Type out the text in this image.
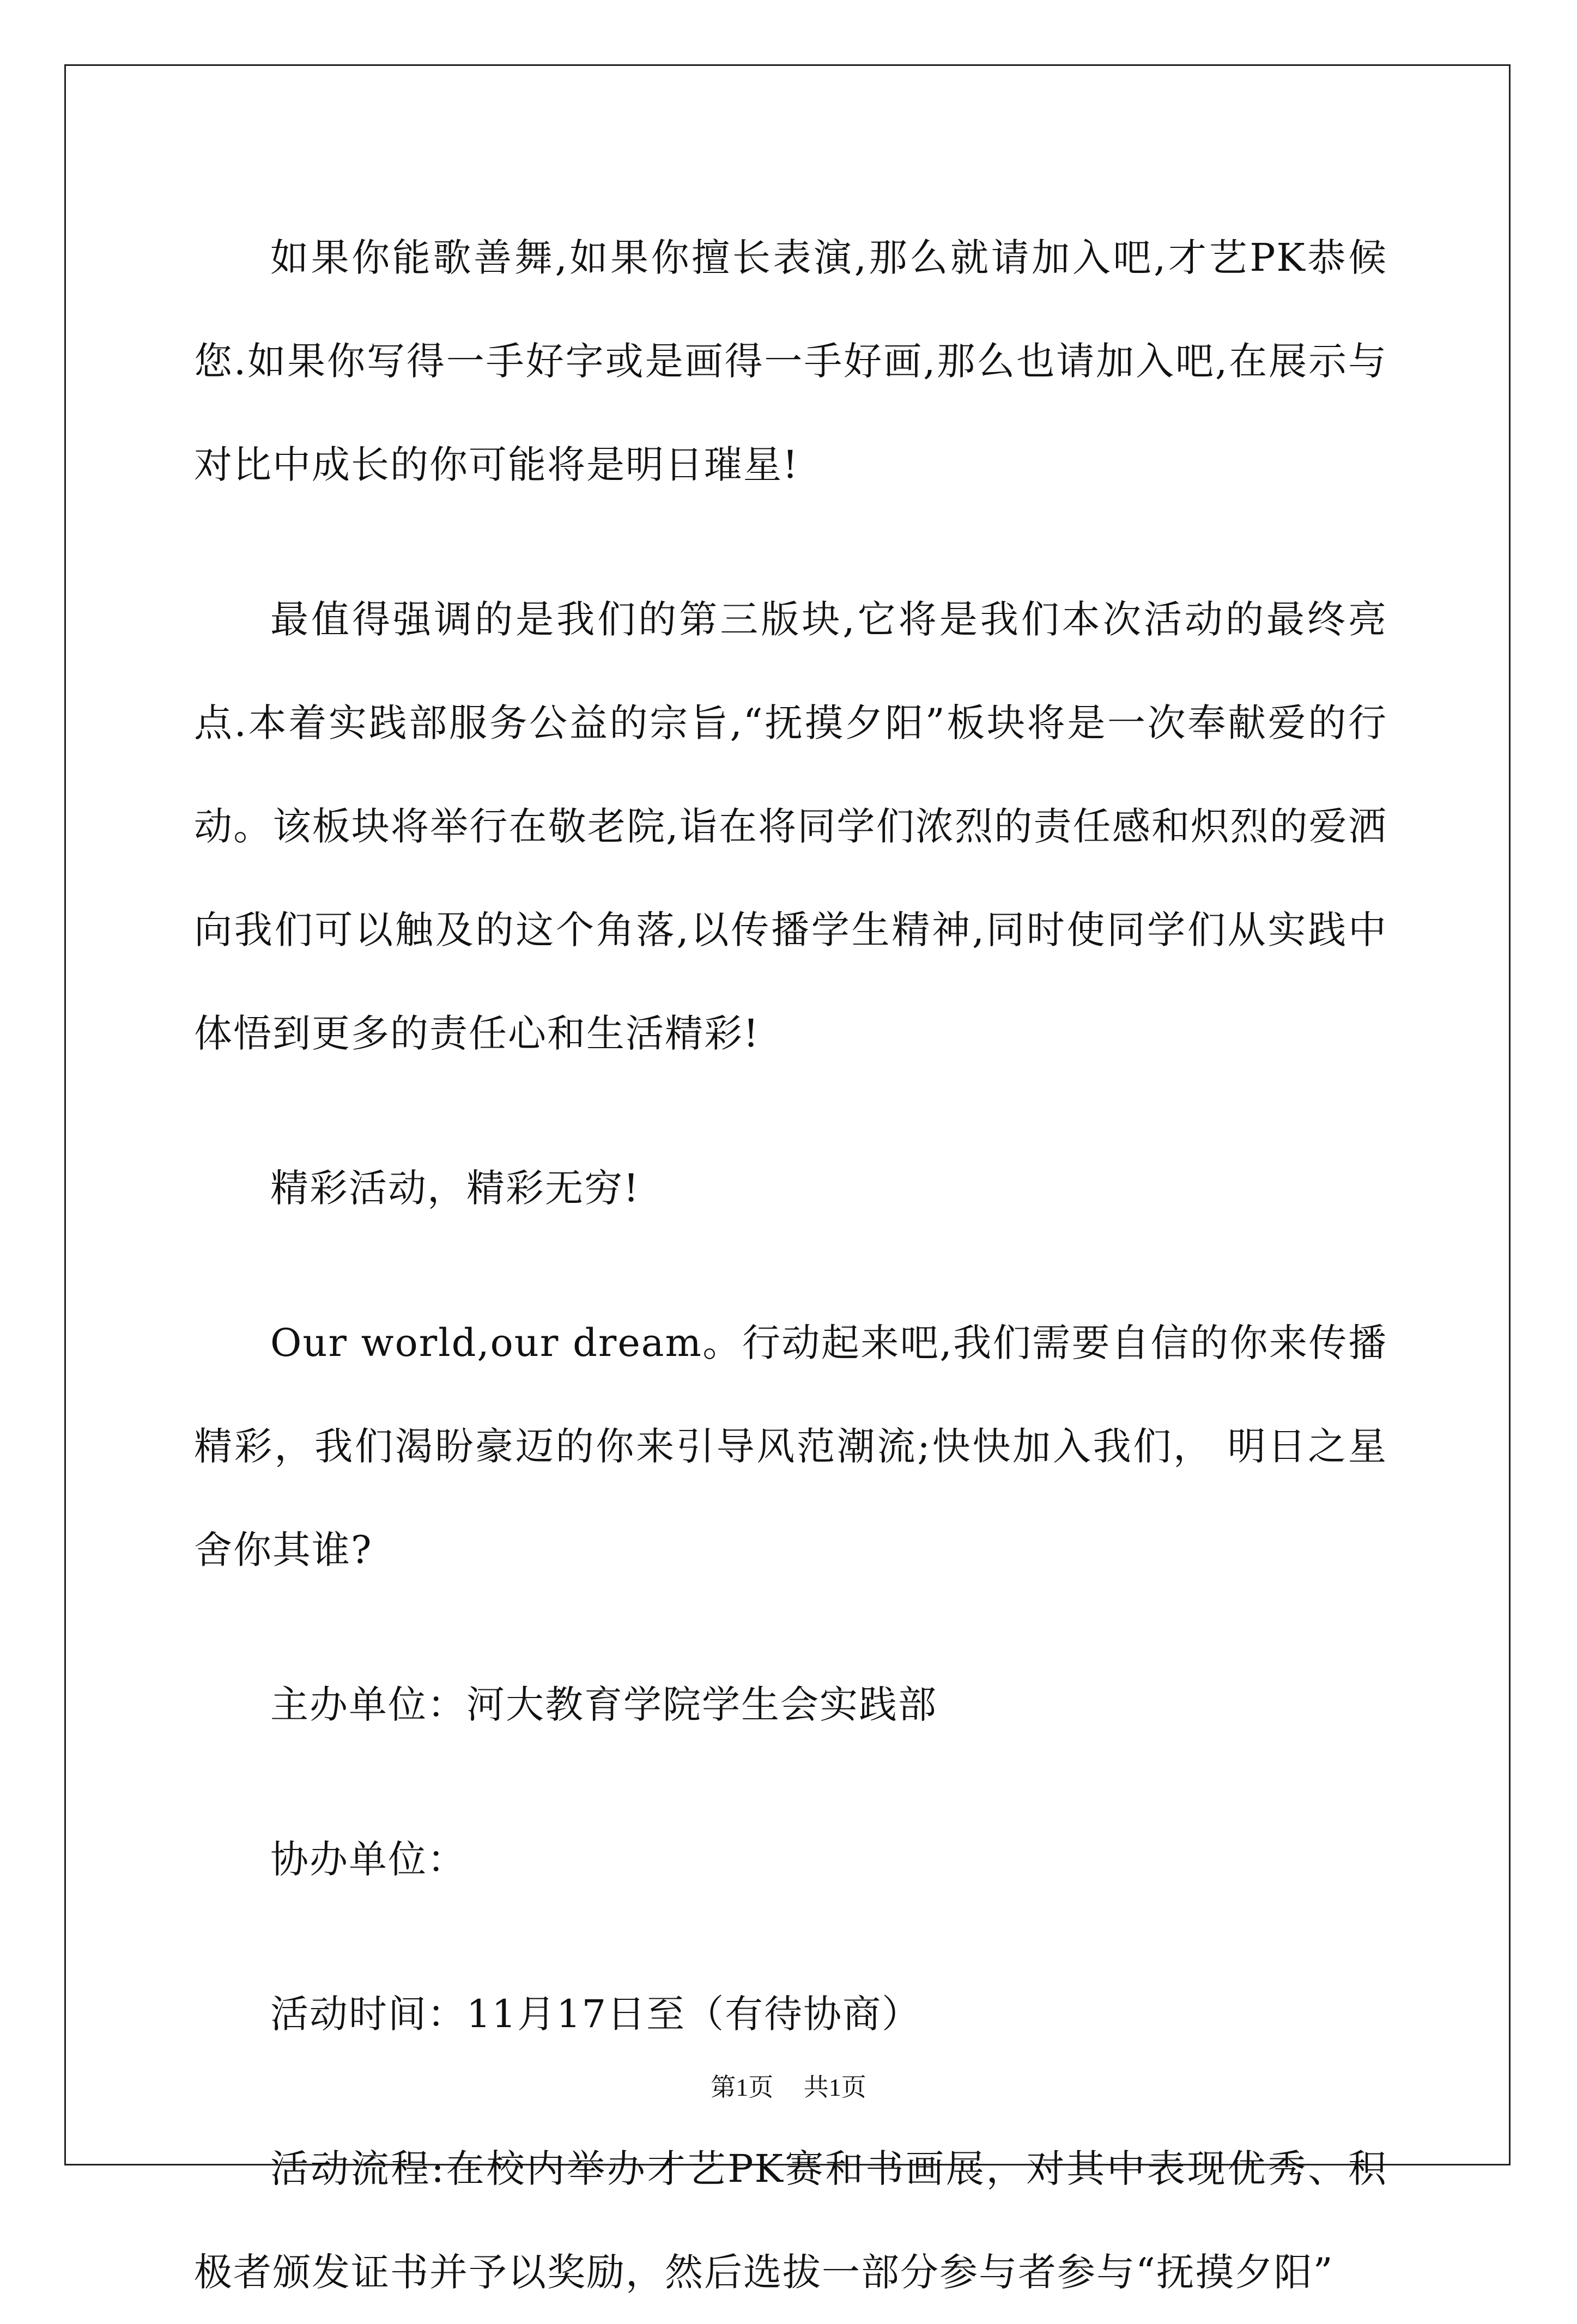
如果你能歌善舞,如果你擅长表演,那么就请加入吧,才艺PK恭候您.如果你写得一手好字或是画得一手好画,那么也请加入吧,在展示与对比中成长的你可能将是明日璀星!

最值得强调的是我们的第三版块,它将是我们本次活动的最终亮点.本着实践部服务公益的宗旨,“抚摸夕阳”板块将是一次奉献爱的行动。该板块将举行在敬老院,诣在将同学们浓烈的责任感和炽烈的爱洒向我们可以触及的这个角落,以传播学生精神,同时使同学们从实践中体悟到更多的责任心和生活精彩!

精彩活动，精彩无穷!

Our world,our dream。行动起来吧,我们需要自信的你来传播精彩，我们渴盼豪迈的你来引导风范潮流;快快加入我们， 明日之星舍你其谁?

主办单位：河大教育学院学生会实践部

协办单位：

活动时间：11月17日至（有待协商）

活动流程:在校内举办才艺PK赛和书画展，对其中表现优秀、积极者颁发证书并予以奖励，然后选拔一部分参与者参与“抚摸夕阳”

第1页 共1页
